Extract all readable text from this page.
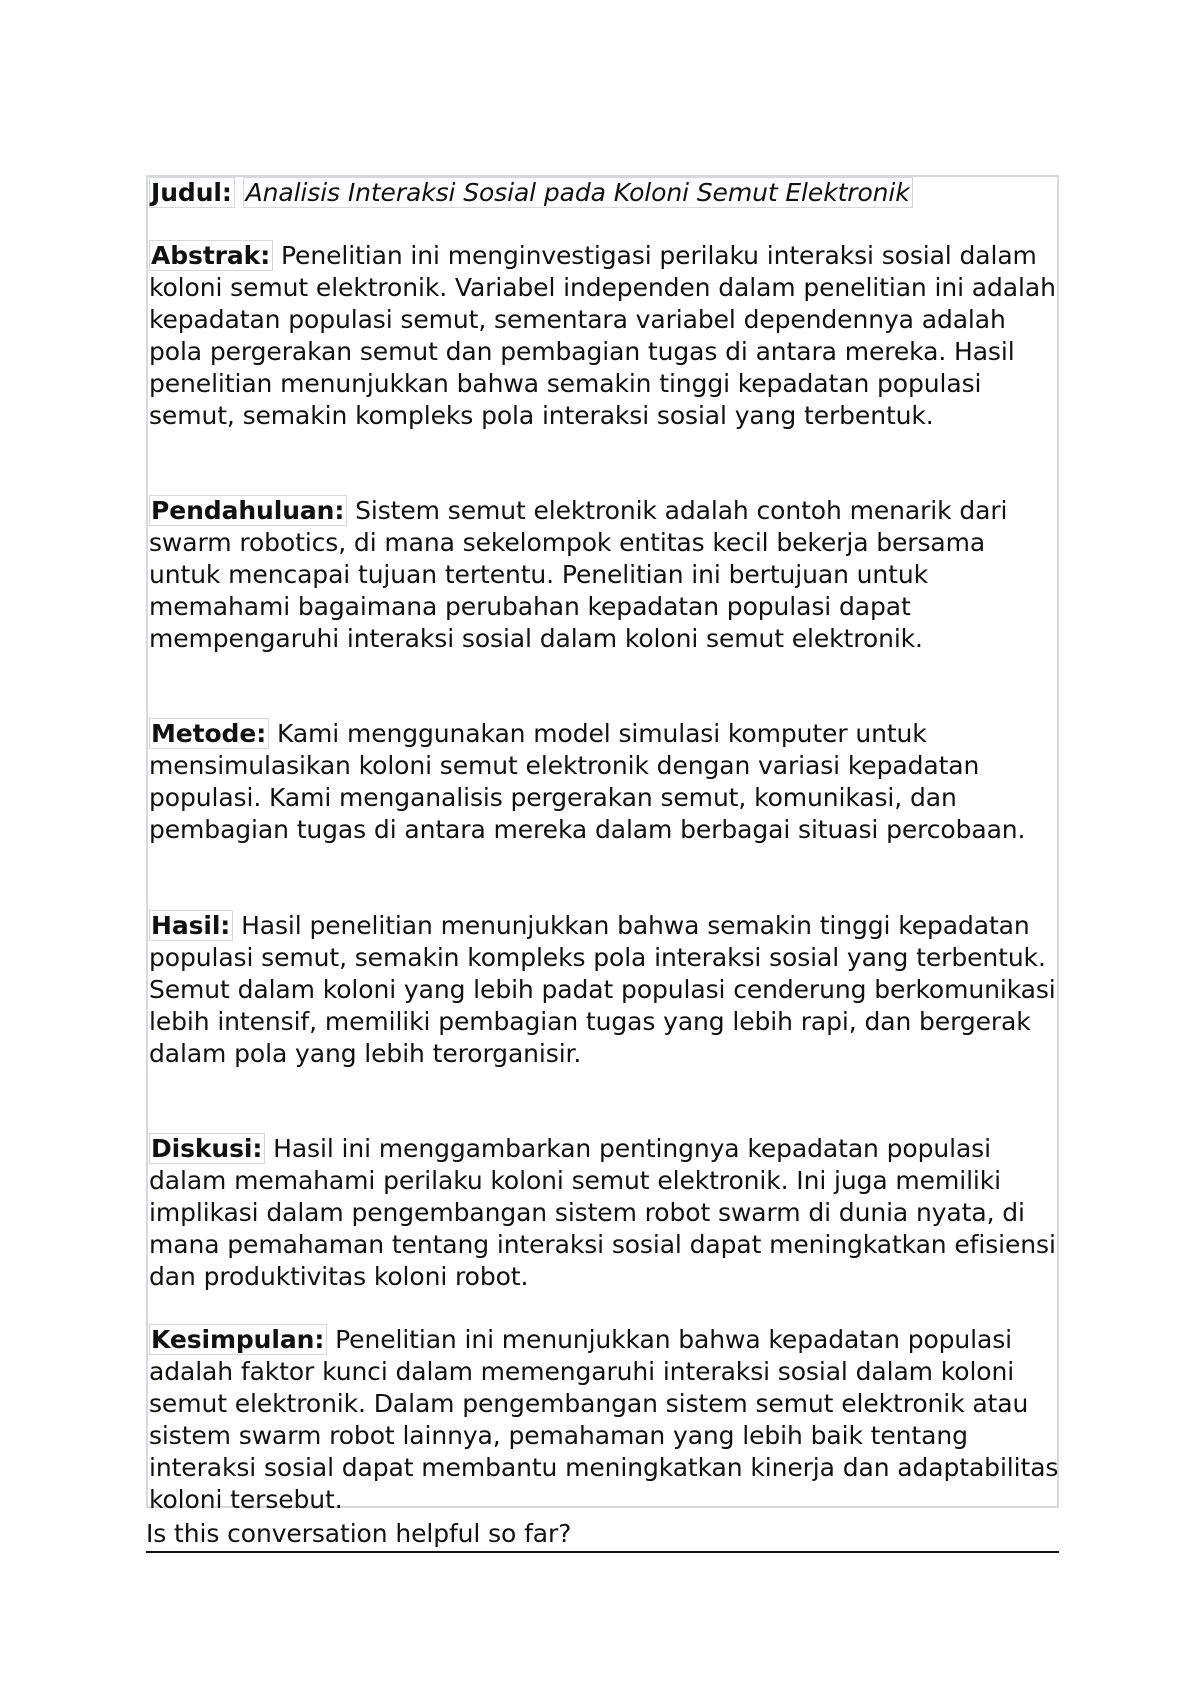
Judul: Analisis Interaksi Sosial pada Koloni Semut Elektronik

Abstrak: Penelitian ini menginvestigasi perilaku interaksi sosial dalam koloni semut elektronik. Variabel independen dalam penelitian ini adalah kepadatan populasi semut, sementara variabel dependennya adalah pola pergerakan semut dan pembagian tugas di antara mereka. Hasil penelitian menunjukkan bahwa semakin tinggi kepadatan populasi semut, semakin kompleks pola interaksi sosial yang terbentuk.

Pendahuluan: Sistem semut elektronik adalah contoh menarik dari swarm robotics, di mana sekelompok entitas kecil bekerja bersama untuk mencapai tujuan tertentu. Penelitian ini bertujuan untuk memahami bagaimana perubahan kepadatan populasi dapat mempengaruhi interaksi sosial dalam koloni semut elektronik.

Metode: Kami menggunakan model simulasi komputer untuk mensimulasikan koloni semut elektronik dengan variasi kepadatan populasi. Kami menganalisis pergerakan semut, komunikasi, dan pembagian tugas di antara mereka dalam berbagai situasi percobaan.

Hasil: Hasil penelitian menunjukkan bahwa semakin tinggi kepadatan populasi semut, semakin kompleks pola interaksi sosial yang terbentuk. Semut dalam koloni yang lebih padat populasi cenderung berkomunikasi lebih intensif, memiliki pembagian tugas yang lebih rapi, dan bergerak dalam pola yang lebih terorganisir.

Diskusi: Hasil ini menggambarkan pentingnya kepadatan populasi dalam memahami perilaku koloni semut elektronik. Ini juga memiliki implikasi dalam pengembangan sistem robot swarm di dunia nyata, di mana pemahaman tentang interaksi sosial dapat meningkatkan efisiensi dan produktivitas koloni robot.

Kesimpulan: Penelitian ini menunjukkan bahwa kepadatan populasi adalah faktor kunci dalam memengaruhi interaksi sosial dalam koloni semut elektronik. Dalam pengembangan sistem semut elektronik atau sistem swarm robot lainnya, pemahaman yang lebih baik tentang interaksi sosial dapat membantu meningkatkan kinerja dan adaptabilitas koloni tersebut.

Is this conversation helpful so far?
